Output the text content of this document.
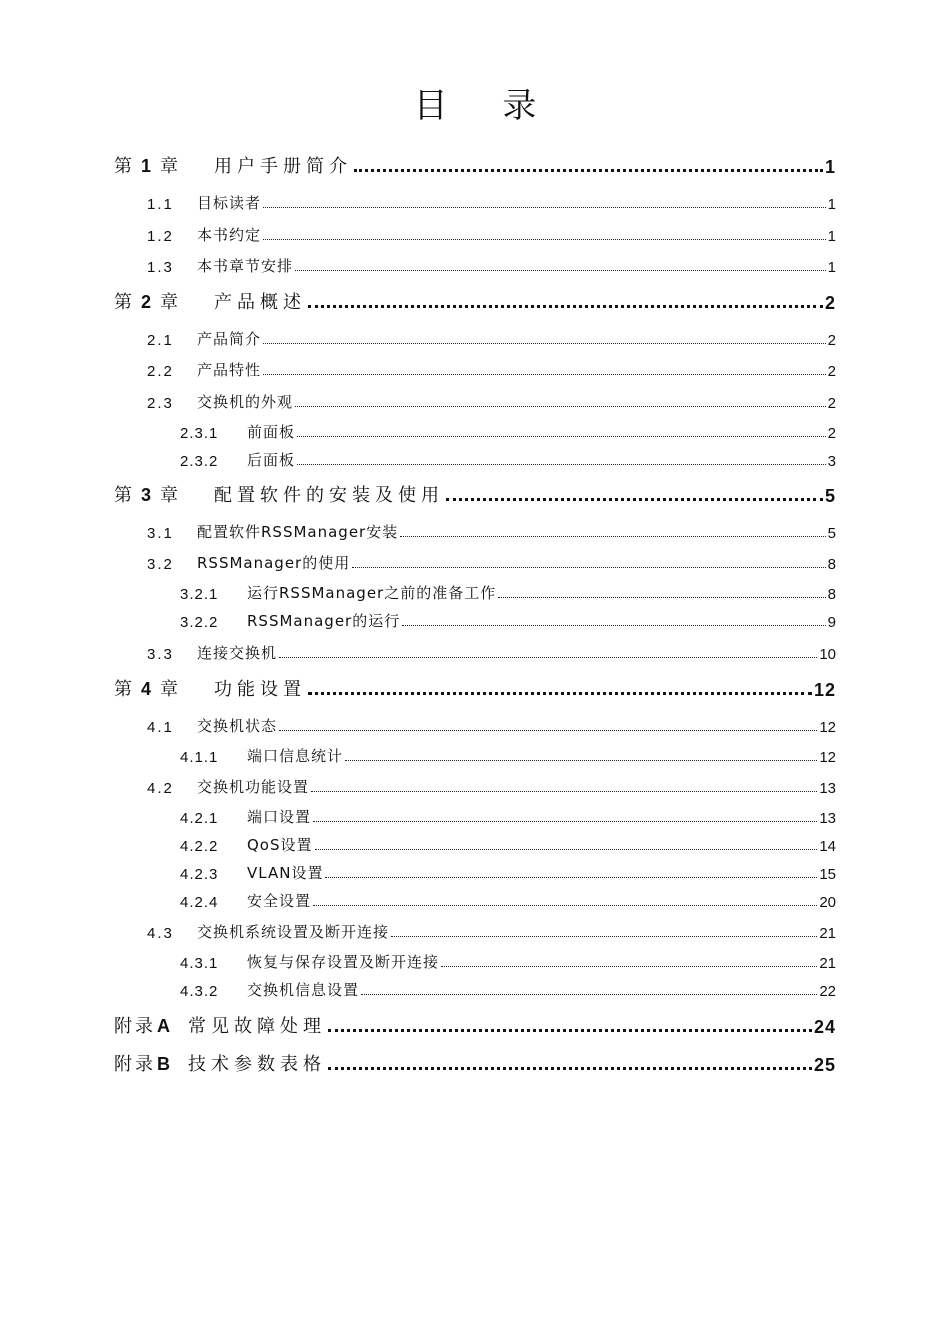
目 录
第 1 章	用户手册简介	1
1.1	目标读者	1
1.2	本书约定	1
1.3	本书章节安排	1
第 2 章	产品概述	2
2.1	产品简介	2
2.2	产品特性	2
2.3	交换机的外观	2
2.3.1	前面板	2
2.3.2	后面板	3
第 3 章	配置软件的安装及使用	5
3.1	配置软件RSSManager安装	5
3.2	RSSManager的使用	8
3.2.1	运行RSSManager之前的准备工作	8
3.2.2	RSSManager的运行	9
3.3	连接交换机	10
第 4 章	功能设置	12
4.1	交换机状态	12
4.1.1	端口信息统计	12
4.2	交换机功能设置	13
4.2.1	端口设置	13
4.2.2	QoS设置	14
4.2.3	VLAN设置	15
4.2.4	安全设置	20
4.3	交换机系统设置及断开连接	21
4.3.1	恢复与保存设置及断开连接	21
4.3.2	交换机信息设置	22
附录A 常见故障处理	24
附录B 技术参数表格	25
